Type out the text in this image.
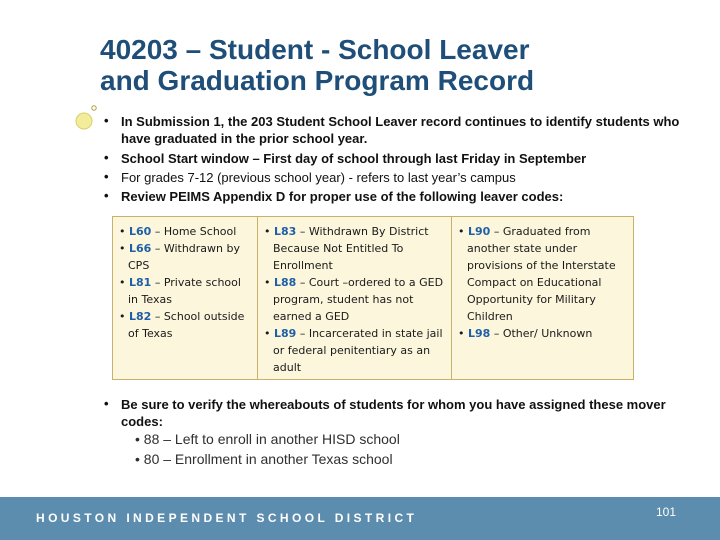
40203 – Student - School Leaver
and Graduation Program Record
• In Submission 1, the 203 Student School Leaver record continues to identify students who have graduated in the prior school year.
• School Start window – First day of school through last Friday in September
• For grades 7-12 (previous school year) - refers to last year’s campus
• Review PEIMS Appendix D for proper use of the following leaver codes:
• L60 – Home School
• L66 – Withdrawn by CPS
• L81 – Private school in Texas
• L82 – School outside of Texas
• L83 – Withdrawn By District Because Not Entitled To Enrollment
• L88 – Court –ordered to a GED program, student has not earned a GED
• L89 – Incarcerated in state jail or federal penitentiary as an adult
• L90 – Graduated from another state under provisions of the Interstate Compact on Educational Opportunity for Military Children
• L98 – Other/ Unknown
• Be sure to verify the whereabouts of students for whom you have assigned these mover codes:
• 88 – Left to enroll in another HISD school
• 80 – Enrollment in another Texas school
HOUSTON INDEPENDENT SCHOOL DISTRICT	101
